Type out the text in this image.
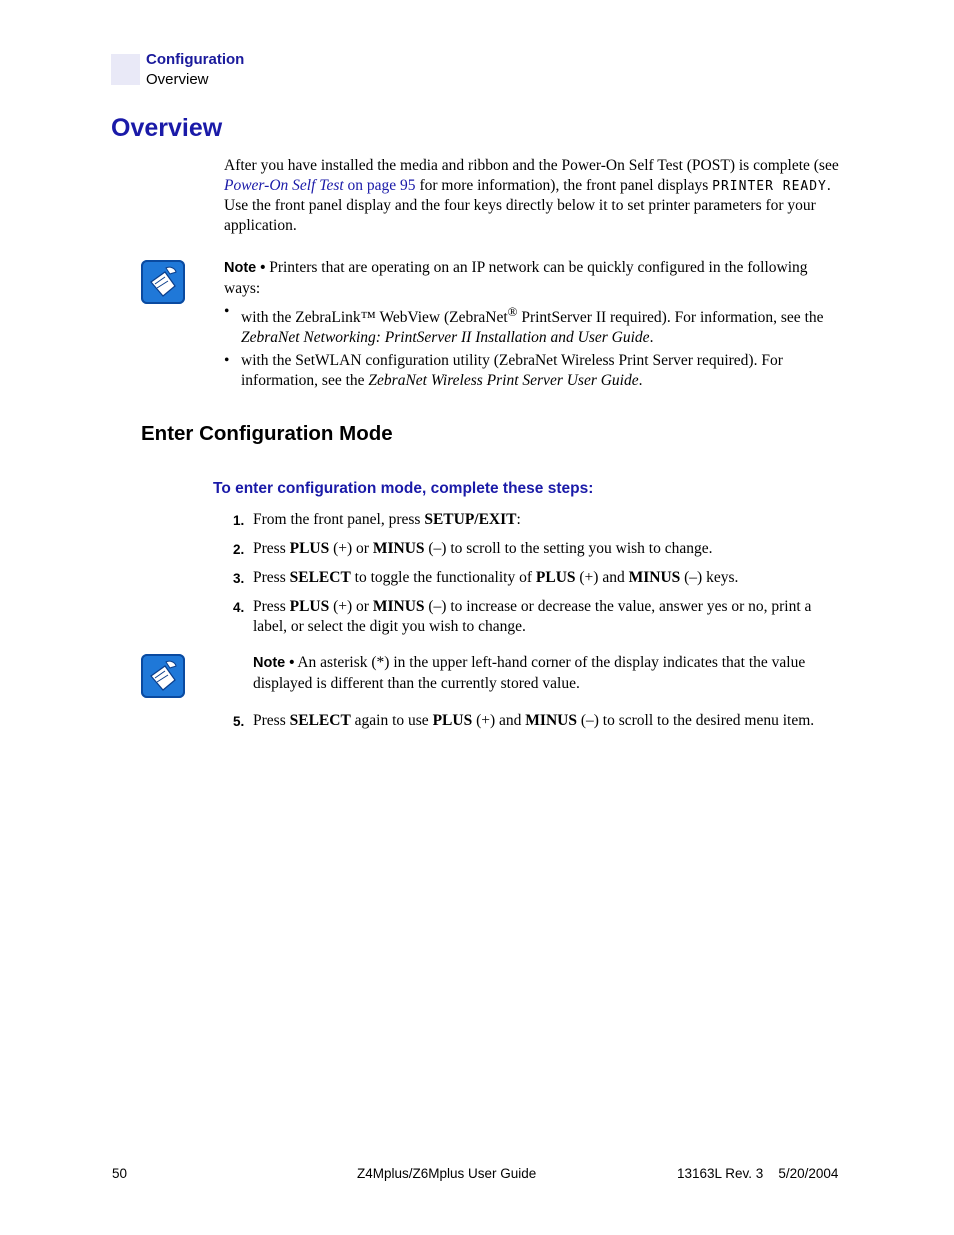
Configuration
Overview
Overview
After you have installed the media and ribbon and the Power-On Self Test (POST) is complete (see Power-On Self Test on page 95 for more information), the front panel displays PRINTER READY. Use the front panel display and the four keys directly below it to set printer parameters for your application.
Note • Printers that are operating on an IP network can be quickly configured in the following ways:
• with the ZebraLink™ WebView (ZebraNet® PrintServer II required). For information, see the ZebraNet Networking: PrintServer II Installation and User Guide.
• with the SetWLAN configuration utility (ZebraNet Wireless Print Server required). For information, see the ZebraNet Wireless Print Server User Guide.
Enter Configuration Mode
To enter configuration mode, complete these steps:
1. From the front panel, press SETUP/EXIT:
2. Press PLUS (+) or MINUS (–) to scroll to the setting you wish to change.
3. Press SELECT to toggle the functionality of PLUS (+) and MINUS (–) keys.
4. Press PLUS (+) or MINUS (–) to increase or decrease the value, answer yes or no, print a label, or select the digit you wish to change.
Note • An asterisk (*) in the upper left-hand corner of the display indicates that the value displayed is different than the currently stored value.
5. Press SELECT again to use PLUS (+) and MINUS (–) to scroll to the desired menu item.
50	Z4Mplus/Z6Mplus User Guide	13163L Rev. 3    5/20/2004
